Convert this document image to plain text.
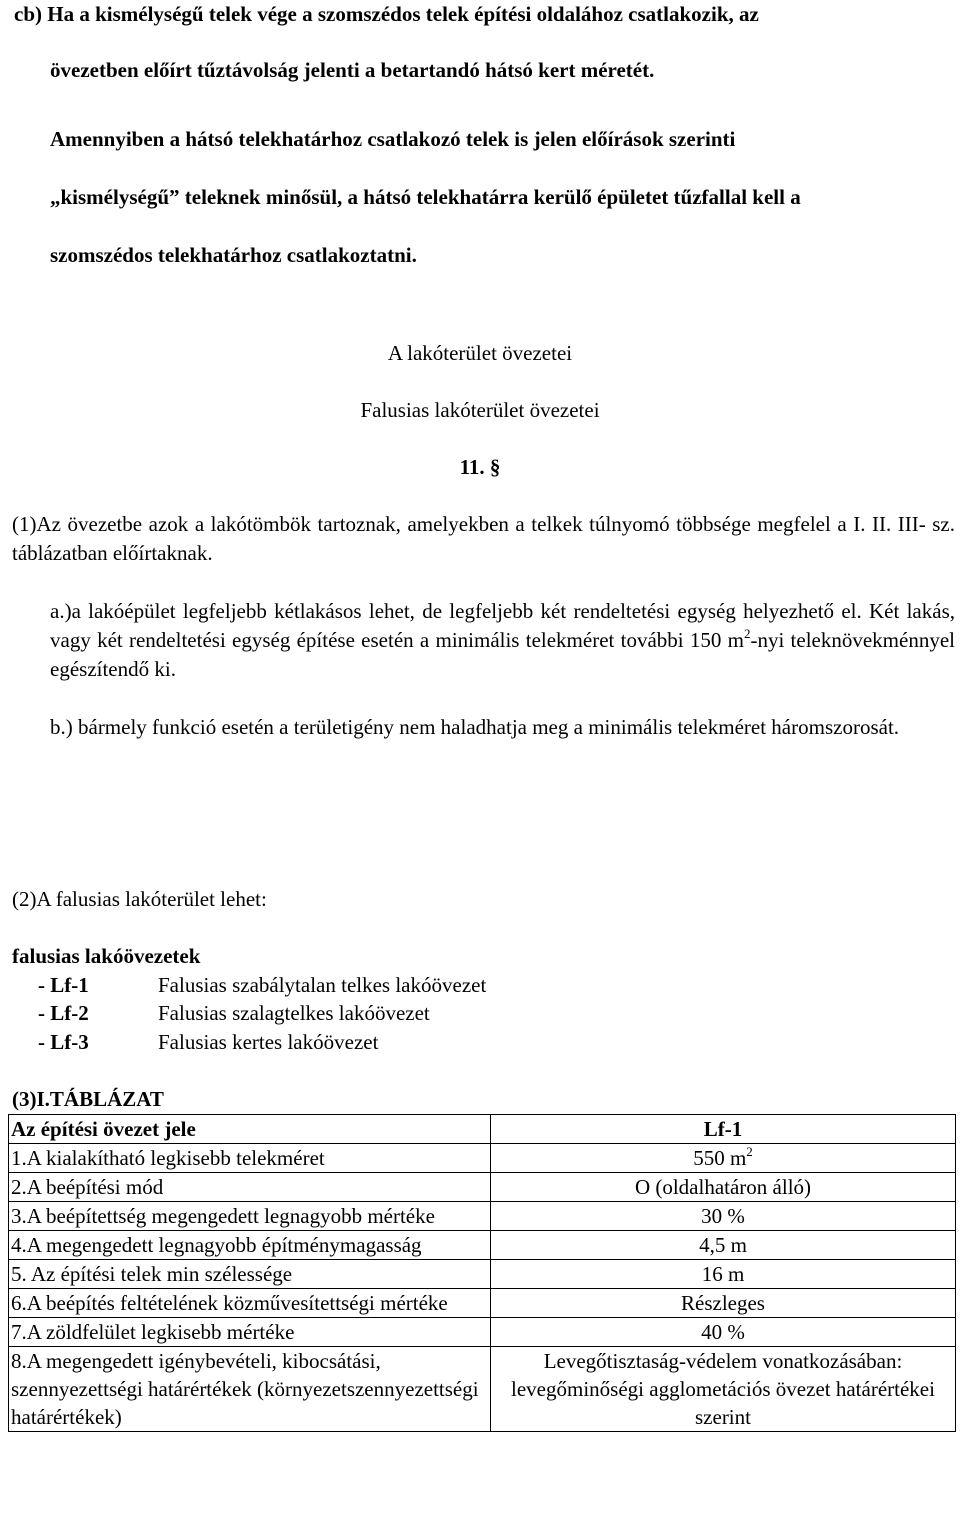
cb) Ha a kismélységű telek vége a szomszédos telek építési oldalához csatlakozik, az
övezetben előírt tűztávolság jelenti a betartandó hátsó kert méretét.
Amennyiben a hátsó telekhatárhoz csatlakozó telek is jelen előírások szerinti
„kismélységű” teleknek minősül, a hátsó telekhatárra kerülő épületet tűzfallal kell a
szomszédos telekhatárhoz csatlakoztatni.
A lakóterület övezetei
Falusias lakóterület övezetei
11. §
(1)Az övezetbe azok a lakótömbök tartoznak, amelyekben a telkek túlnyomó többsége megfelel a I. II. III- sz. táblázatban előírtaknak.
a.)a lakóépület legfeljebb kétlakásos lehet, de legfeljebb két rendeltetési egység helyezhető el. Két lakás, vagy két rendeltetési egység építése esetén a minimális telekméret további 150 $m^2$-nyi teleknövekménnyel egészítendő ki.
b.) bármely funkció esetén a területigény nem haladhatja meg a minimális telekméret háromszorosát.
(2)A falusias lakóterület lehet:
falusias lakóövezetek
- Lf-1	Falusias szabálytalan telkes lakóövezet
- Lf-2	Falusias szalagtelkes lakóövezet
- Lf-3	Falusias kertes lakóövezet
(3)I.TÁBLÁZAT
Az építési övezet jele	Lf-1
1.A kialakítható legkisebb telekméret	550 $m^2$
2.A beépítési mód	O (oldalhatáron álló)
3.A beépítettség megengedett legnagyobb mértéke	30 %
4.A megengedett legnagyobb építménymagasság	4,5 m
5. Az építési telek min szélessége	16 m
6.A beépítés feltételének közművesítettségi mértéke	Részleges
7.A zöldfelület legkisebb mértéke	40 %
8.A megengedett igénybevételi, kibocsátási, szennyezettségi határértékek (környezetszennyezettségi határértékek)	Levegőtisztaság-védelem vonatkozásában: levegőminőségi agglometációs övezet határértékei szerint
